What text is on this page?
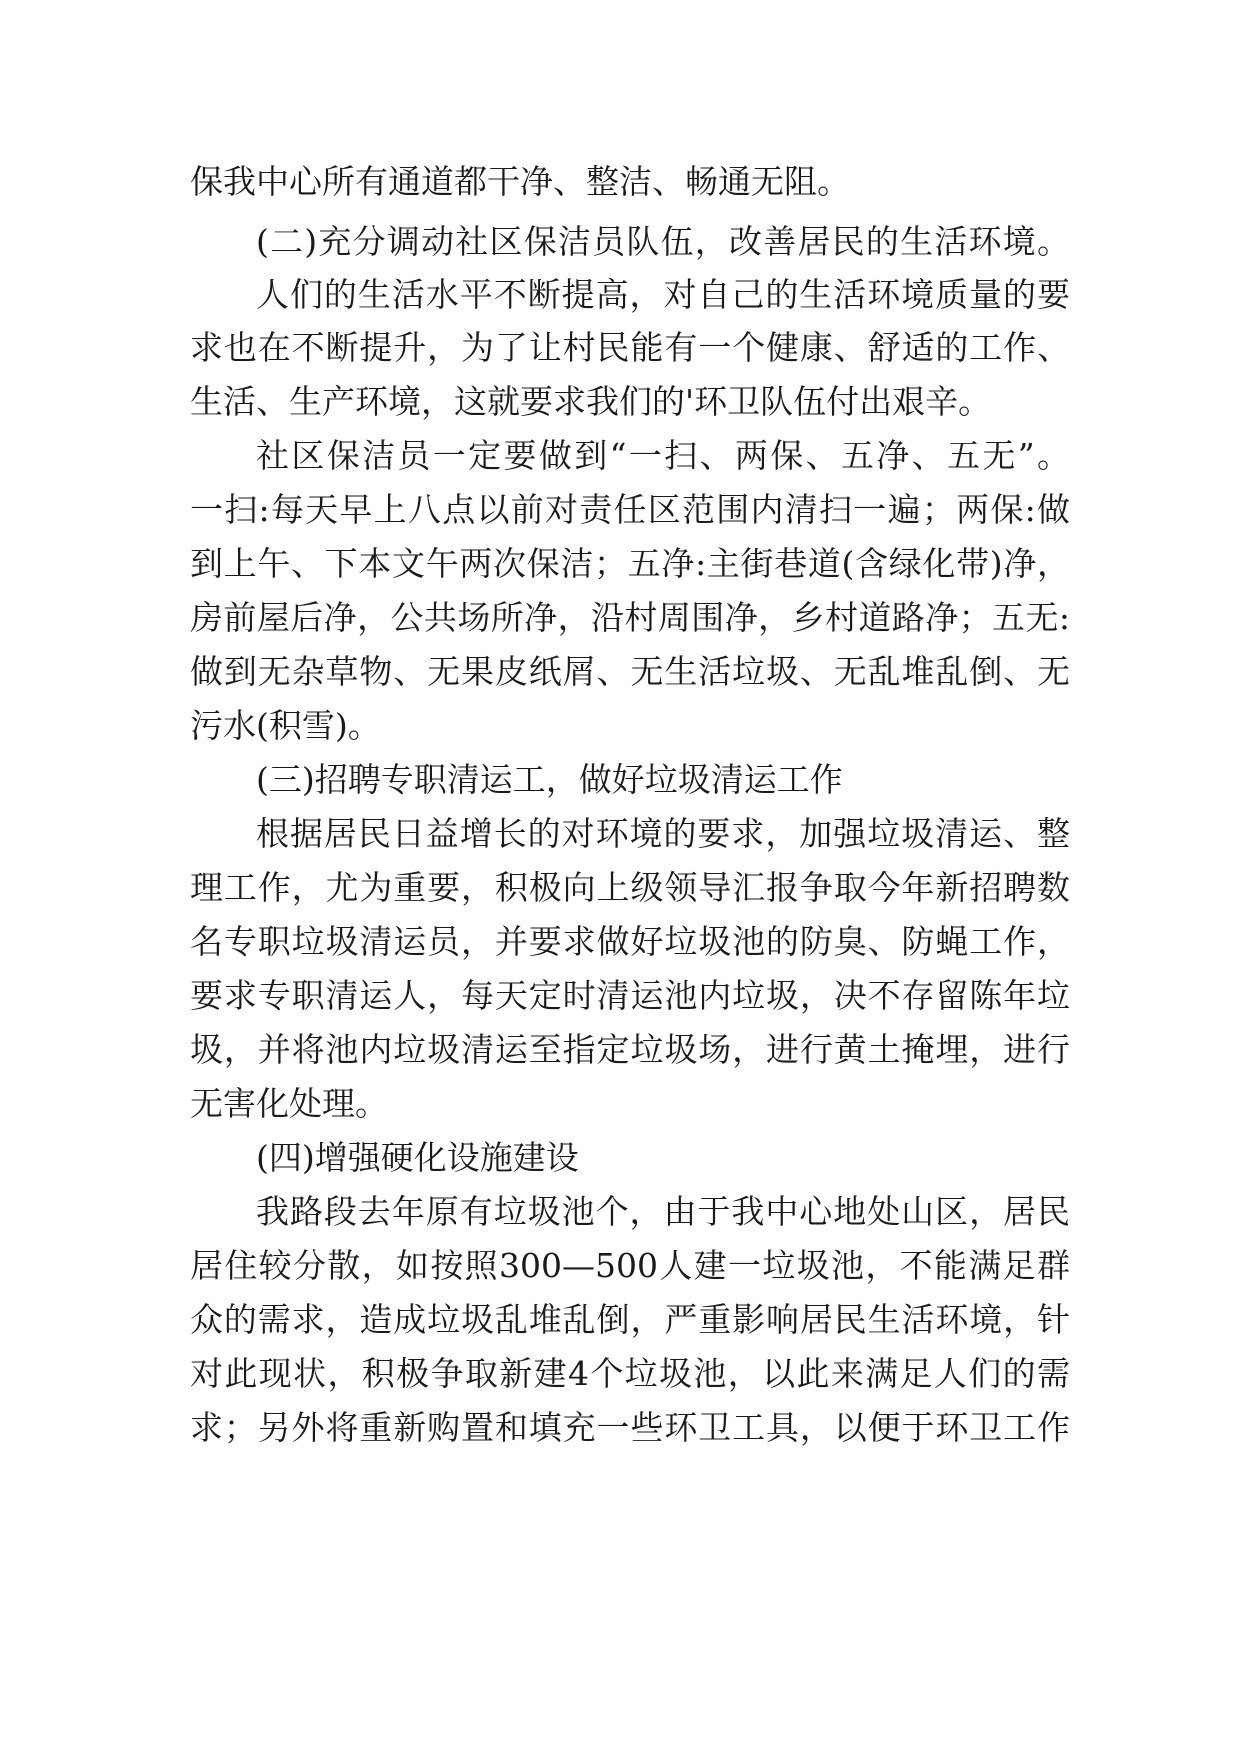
保我中心所有通道都干净、整洁、畅通无阻。

(二)充分调动社区保洁员队伍，改善居民的生活环境。

人们的生活水平不断提高，对自己的生活环境质量的要

求也在不断提升，为了让村民能有一个健康、舒适的工作、

生活、生产环境，这就要求我们的'环卫队伍付出艰辛。

社区保洁员一定要做到“一扫、两保、五净、五无”。

一扫:每天早上八点以前对责任区范围内清扫一遍；两保:做

到上午、下本文午两次保洁；五净:主街巷道(含绿化带)净，

房前屋后净，公共场所净，沿村周围净，乡村道路净；五无:

做到无杂草物、无果皮纸屑、无生活垃圾、无乱堆乱倒、无

污水(积雪)。

(三)招聘专职清运工，做好垃圾清运工作

根据居民日益增长的对环境的要求，加强垃圾清运、整

理工作，尤为重要，积极向上级领导汇报争取今年新招聘数

名专职垃圾清运员，并要求做好垃圾池的防臭、防蝇工作，

要求专职清运人，每天定时清运池内垃圾，决不存留陈年垃

圾，并将池内垃圾清运至指定垃圾场，进行黄土掩埋，进行

无害化处理。

(四)增强硬化设施建设

我路段去年原有垃圾池个，由于我中心地处山区，居民

居住较分散，如按照300—500人建一垃圾池，不能满足群

众的需求，造成垃圾乱堆乱倒，严重影响居民生活环境，针

对此现状，积极争取新建4个垃圾池，以此来满足人们的需

求；另外将重新购置和填充一些环卫工具，以便于环卫工作
